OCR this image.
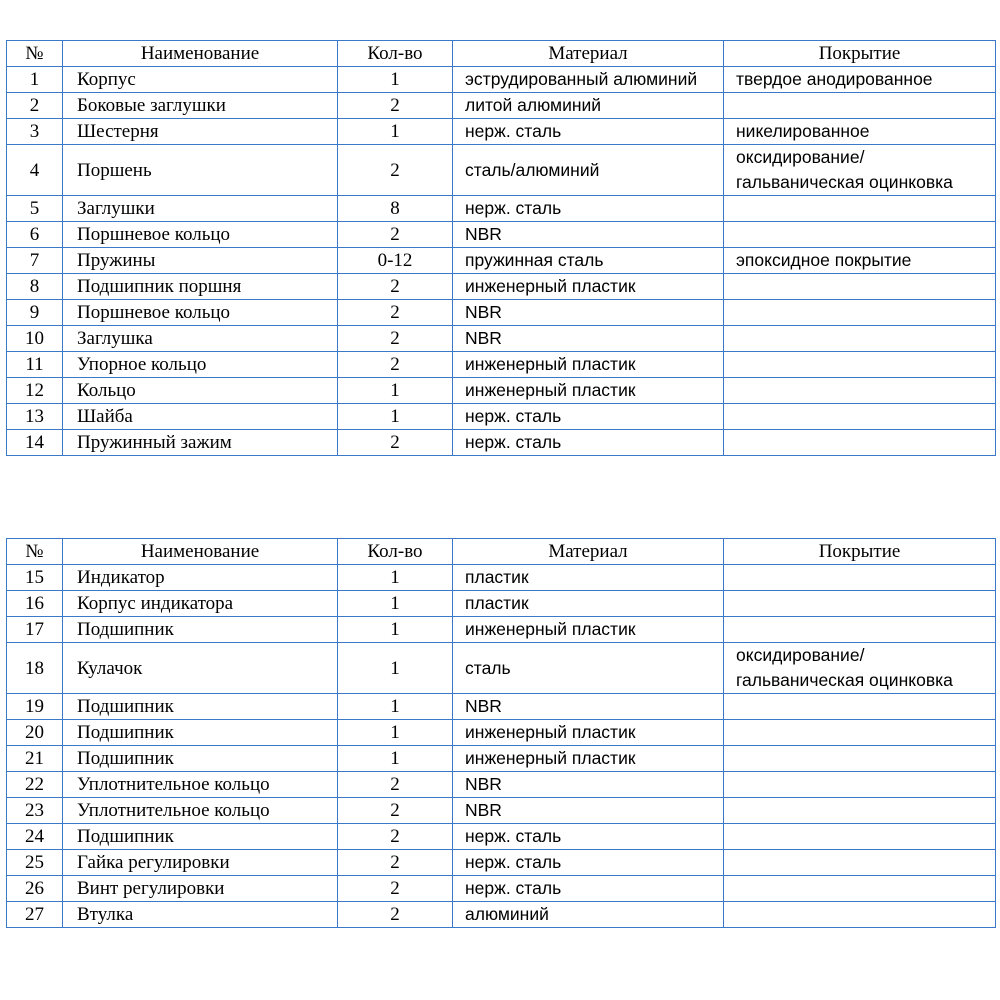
№	Наименование	Кол-во	Материал	Покрытие
1	Корпус	1	эструдированный алюминий	твердое анодированное
2	Боковые заглушки	2	литой алюминий	
3	Шестерня	1	нерж. сталь	никелированное
4	Поршень	2	сталь/алюминий	оксидирование/ гальваническая оцинковка
5	Заглушки	8	нерж. сталь	
6	Поршневое кольцо	2	NBR	
7	Пружины	0-12	пружинная сталь	эпоксидное покрытие
8	Подшипник поршня	2	инженерный пластик	
9	Поршневое кольцо	2	NBR	
10	Заглушка	2	NBR	
11	Упорное кольцо	2	инженерный пластик	
12	Кольцо	1	инженерный пластик	
13	Шайба	1	нерж. сталь	
14	Пружинный зажим	2	нерж. сталь	
№	Наименование	Кол-во	Материал	Покрытие
15	Индикатор	1	пластик	
16	Корпус индикатора	1	пластик	
17	Подшипник	1	инженерный пластик	
18	Кулачок	1	сталь	оксидирование/ гальваническая оцинковка
19	Подшипник	1	NBR	
20	Подшипник	1	инженерный пластик	
21	Подшипник	1	инженерный пластик	
22	Уплотнительное кольцо	2	NBR	
23	Уплотнительное кольцо	2	NBR	
24	Подшипник	2	нерж. сталь	
25	Гайка регулировки	2	нерж. сталь	
26	Винт регулировки	2	нерж. сталь	
27	Втулка	2	алюминий	
